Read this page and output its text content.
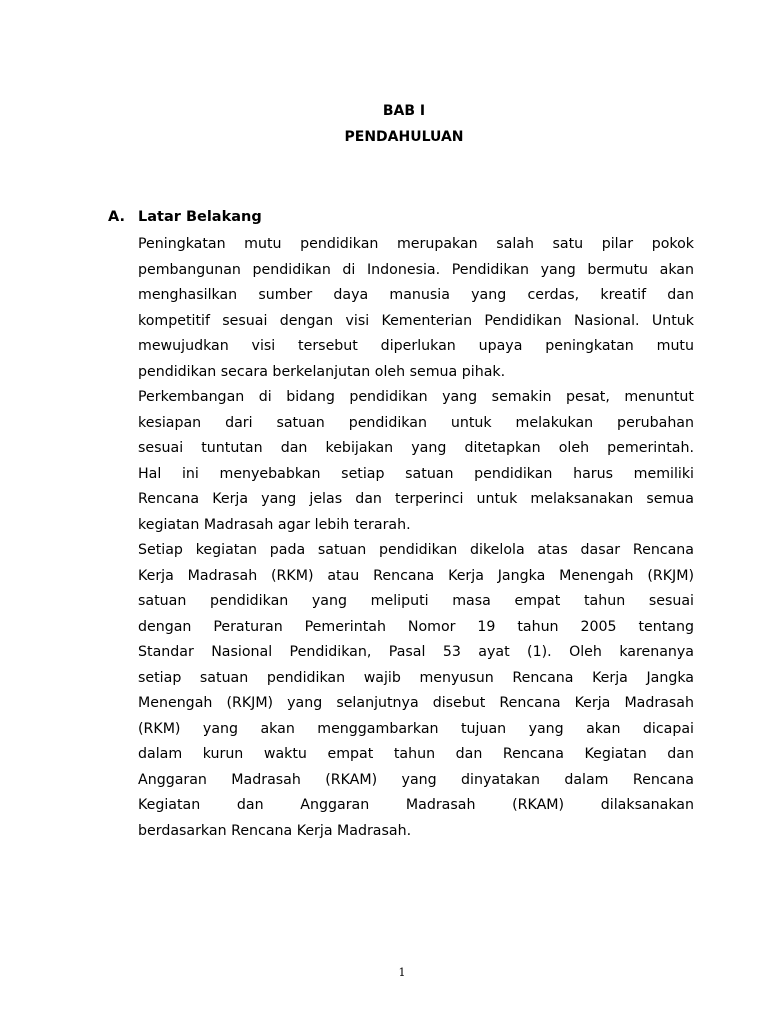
BAB I
PENDAHULUAN
A. Latar Belakang

Peningkatan mutu pendidikan merupakan salah satu pilar pokok
pembangunan pendidikan di Indonesia. Pendidikan yang bermutu akan
menghasilkan sumber daya manusia yang cerdas, kreatif dan
kompetitif sesuai dengan visi Kementerian Pendidikan Nasional. Untuk
mewujudkan visi tersebut diperlukan upaya peningkatan mutu
pendidikan secara berkelanjutan oleh semua pihak.

Perkembangan di bidang pendidikan yang semakin pesat, menuntut
kesiapan dari satuan pendidikan untuk melakukan perubahan
sesuai tuntutan dan kebijakan yang ditetapkan oleh pemerintah.
Hal ini menyebabkan setiap satuan pendidikan harus memiliki
Rencana Kerja yang jelas dan terperinci untuk melaksanakan semua
kegiatan Madrasah agar lebih terarah.

Setiap kegiatan pada satuan pendidikan dikelola atas dasar Rencana
Kerja Madrasah (RKM) atau Rencana Kerja Jangka Menengah (RKJM)
satuan pendidikan yang meliputi masa empat tahun sesuai
dengan Peraturan Pemerintah Nomor 19 tahun 2005 tentang
Standar Nasional Pendidikan, Pasal 53 ayat (1). Oleh karenanya
setiap satuan pendidikan wajib menyusun Rencana Kerja Jangka
Menengah (RKJM) yang selanjutnya disebut Rencana Kerja Madrasah
(RKM) yang akan menggambarkan tujuan yang akan dicapai
dalam kurun waktu empat tahun dan Rencana Kegiatan dan
Anggaran Madrasah (RKAM) yang dinyatakan dalam Rencana
Kegiatan dan Anggaran Madrasah (RKAM) dilaksanakan
berdasarkan Rencana Kerja Madrasah.

1
